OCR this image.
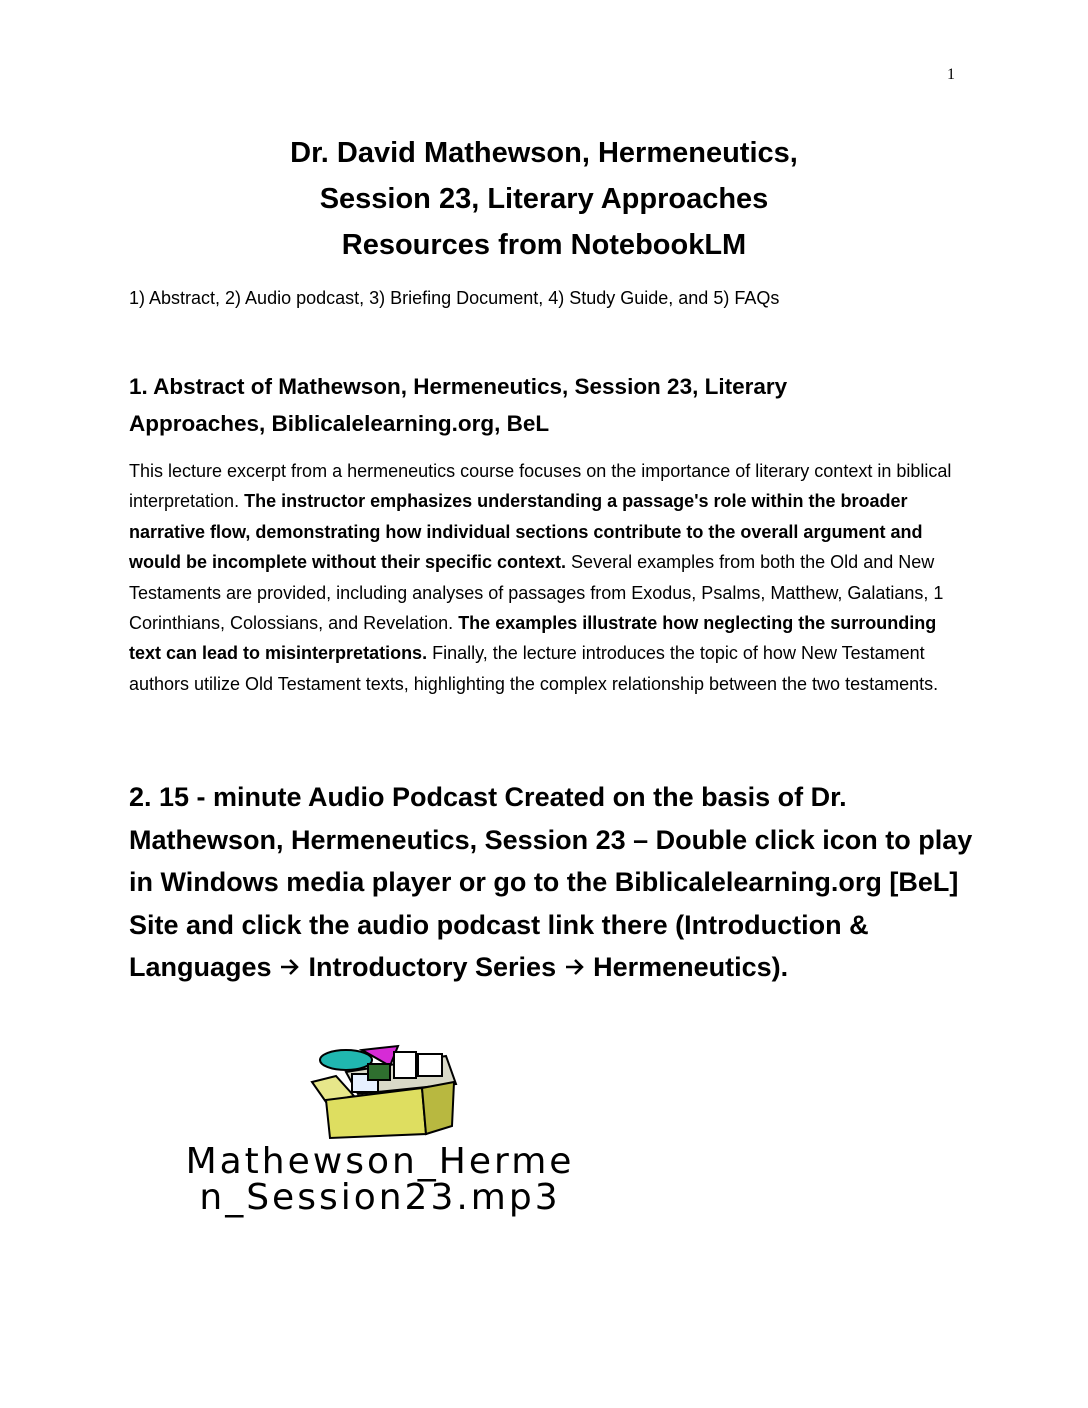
1
Dr. David Mathewson, Hermeneutics,
Session 23, Literary Approaches
Resources from NotebookLM
1) Abstract, 2) Audio podcast, 3) Briefing Document, 4) Study Guide, and 5) FAQs
1. Abstract of Mathewson, Hermeneutics, Session 23, Literary Approaches, Biblicalelearning.org, BeL
This lecture excerpt from a hermeneutics course focuses on the importance of literary context in biblical interpretation. The instructor emphasizes understanding a passage's role within the broader narrative flow, demonstrating how individual sections contribute to the overall argument and would be incomplete without their specific context. Several examples from both the Old and New Testaments are provided, including analyses of passages from Exodus, Psalms, Matthew, Galatians, 1 Corinthians, Colossians, and Revelation. The examples illustrate how neglecting the surrounding text can lead to misinterpretations. Finally, the lecture introduces the topic of how New Testament authors utilize Old Testament texts, highlighting the complex relationship between the two testaments.
2. 15 - minute Audio Podcast Created on the basis of Dr. Mathewson, Hermeneutics, Session 23 – Double click icon to play in Windows media player or go to the Biblicalelearning.org [BeL] Site and click the audio podcast link there (Introduction & Languages  Introductory Series  Hermeneutics).
Mathewson_Herme
n_Session23.mp3
